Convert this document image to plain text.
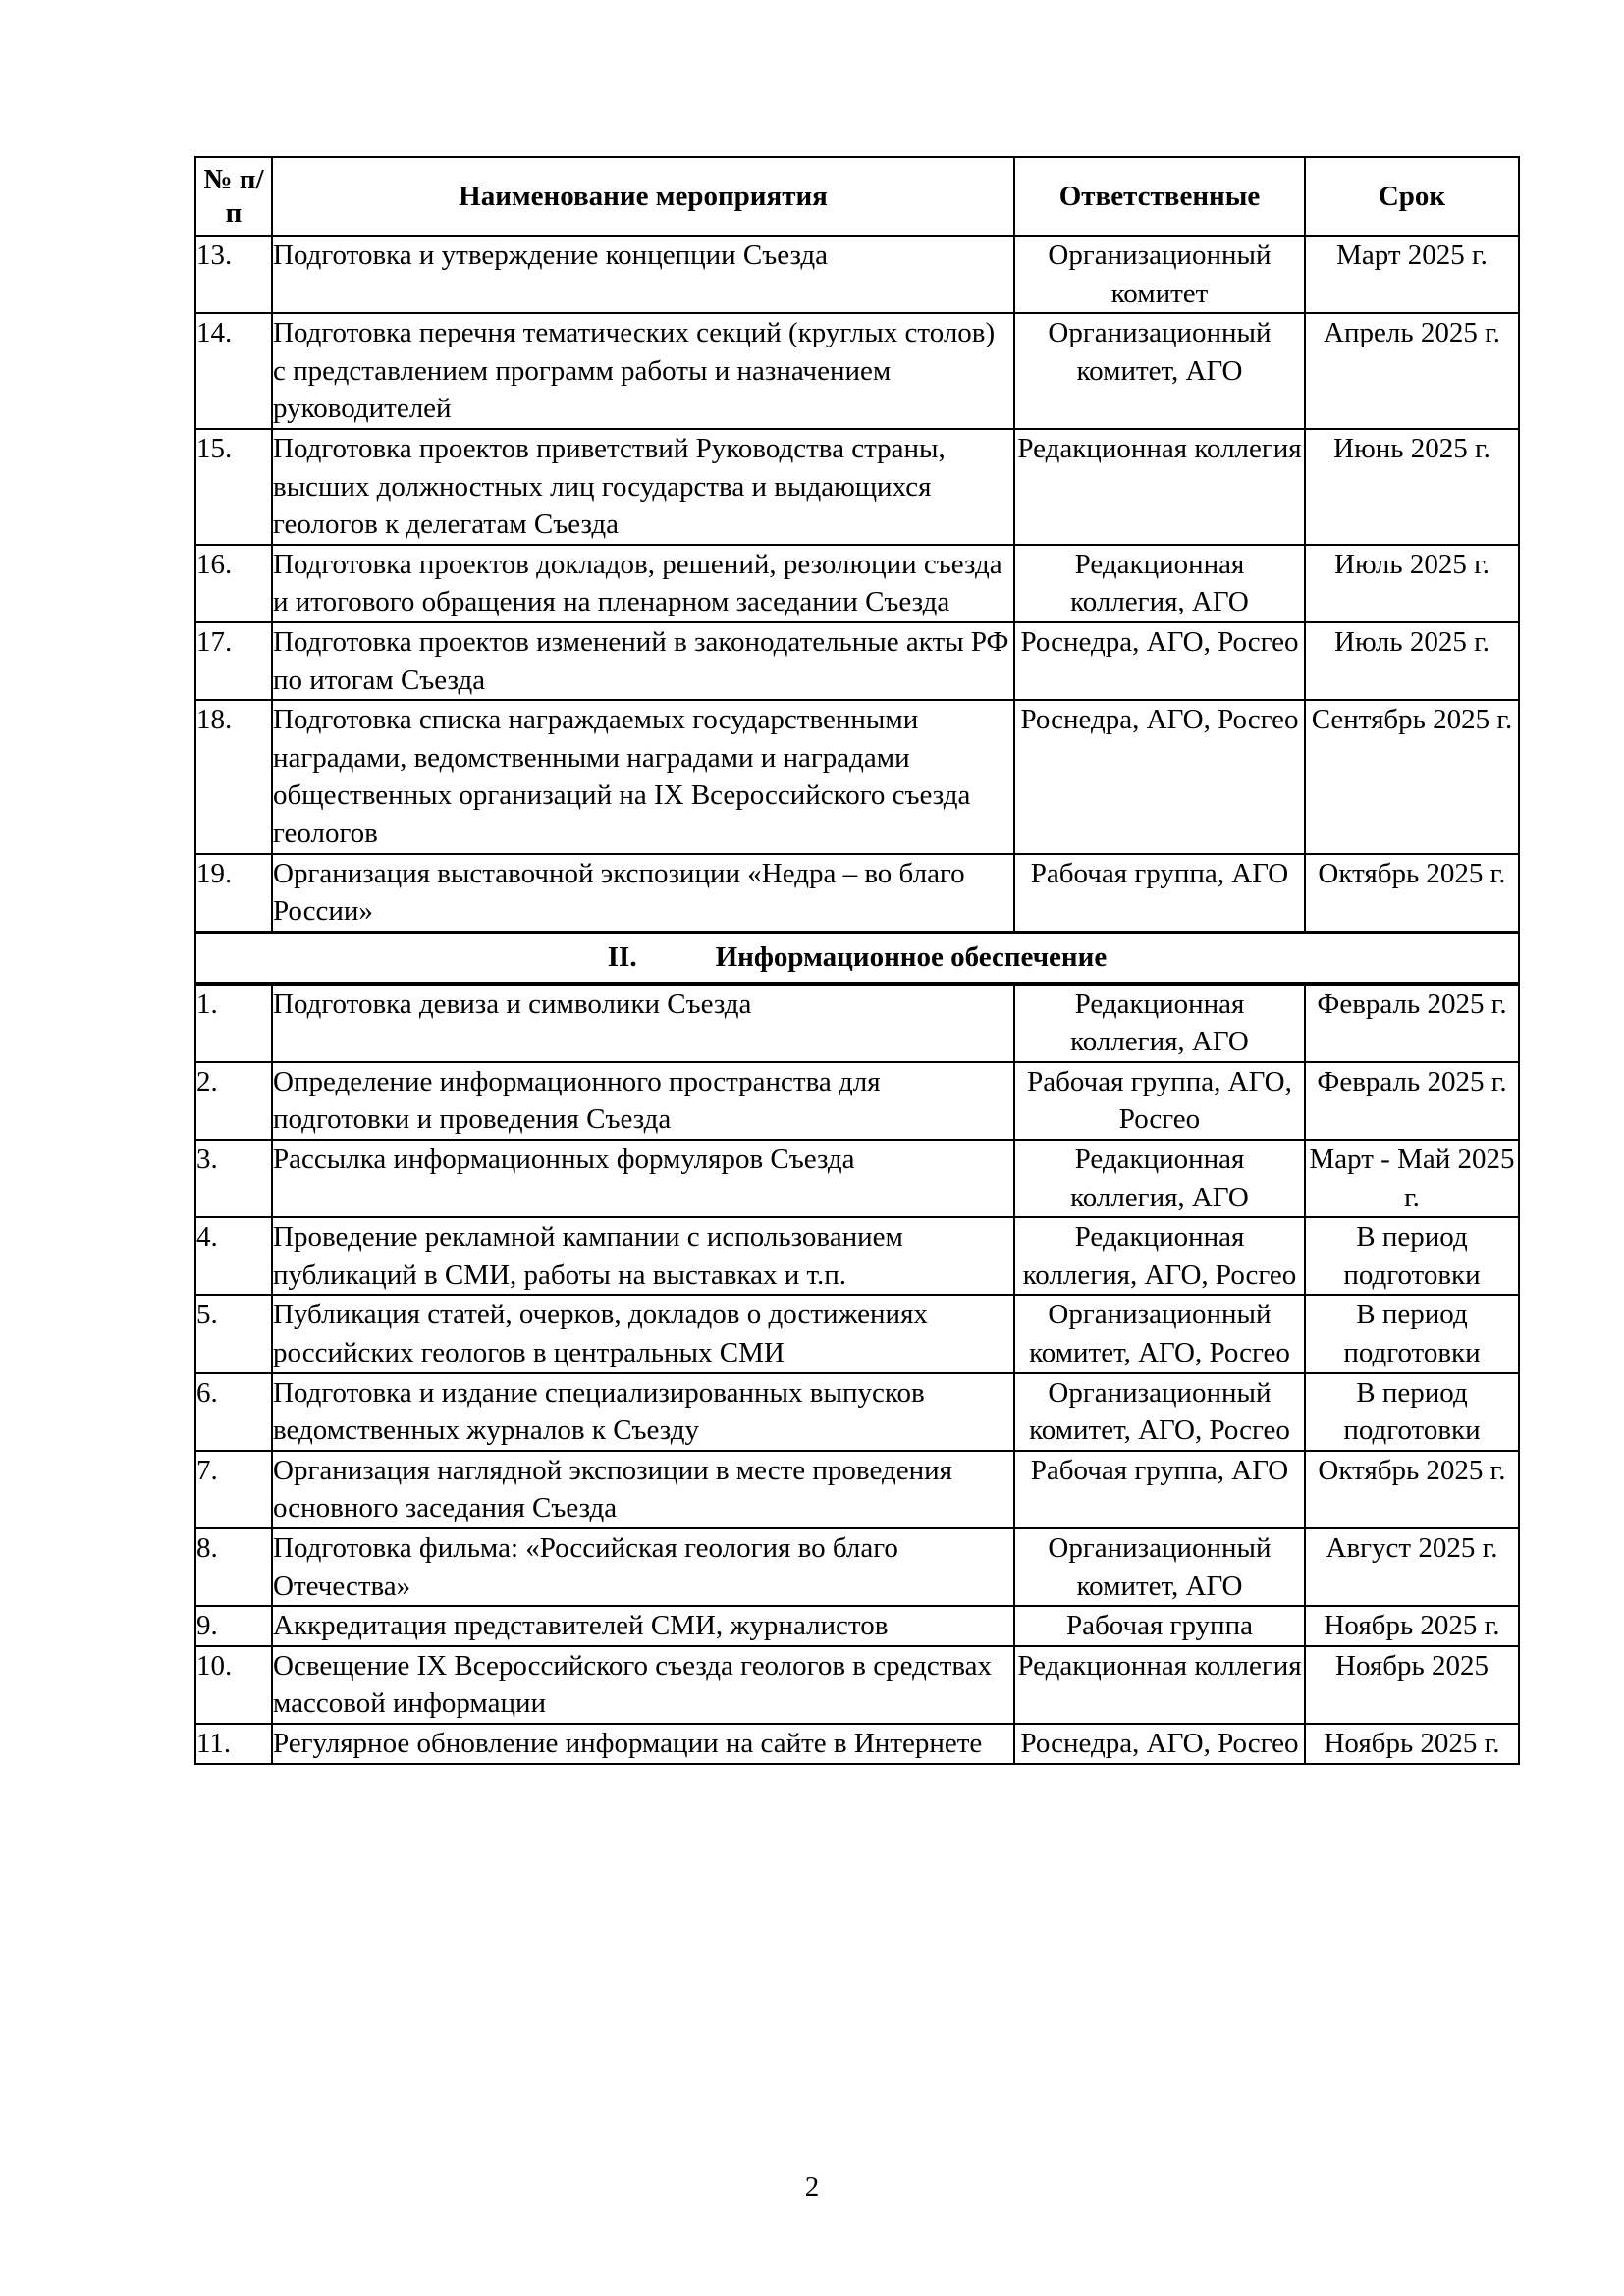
№ п/п	Наименование мероприятия	Ответственные	Срок
13.	Подготовка и утверждение концепции Съезда	Организационный комитет	Март 2025 г.
14.	Подготовка перечня тематических секций (круглых столов) с представлением программ работы и назначением руководителей	Организационный комитет, АГО	Апрель 2025 г.
15.	Подготовка проектов приветствий Руководства страны, высших должностных лиц государства и выдающихся геологов к делегатам Съезда	Редакционная коллегия	Июнь 2025 г.
16.	Подготовка проектов докладов, решений, резолюции съезда и итогового обращения на пленарном заседании Съезда	Редакционная коллегия, АГО	Июль 2025 г.
17.	Подготовка проектов изменений в законодательные акты РФ по итогам Съезда	Роснедра, АГО, Росгео	Июль 2025 г.
18.	Подготовка списка награждаемых государственными наградами, ведомственными наградами и наградами общественных организаций на IX Всероссийского съезда геологов	Роснедра, АГО, Росгео	Сентябрь 2025 г.
19.	Организация выставочной экспозиции «Недра – во благо России»	Рабочая группа, АГО	Октябрь 2025 г.
II. Информационное обеспечение			
1.	Подготовка девиза и символики Съезда	Редакционная коллегия, АГО	Февраль 2025 г.
2.	Определение информационного пространства для подготовки и проведения Съезда	Рабочая группа, АГО, Росгео	Февраль 2025 г.
3.	Рассылка информационных формуляров Съезда	Редакционная коллегия, АГО	Март - Май 2025 г.
4.	Проведение рекламной кампании с использованием публикаций в СМИ, работы на выставках и т.п.	Редакционная коллегия, АГО, Росгео	В период подготовки
5.	Публикация статей, очерков, докладов о достижениях российских геологов в центральных СМИ	Организационный комитет, АГО, Росгео	В период подготовки
6.	Подготовка и издание специализированных выпусков ведомственных журналов к Съезду	Организационный комитет, АГО, Росгео	В период подготовки
7.	Организация наглядной экспозиции в месте проведения основного заседания Съезда	Рабочая группа, АГО	Октябрь 2025 г.
8.	Подготовка фильма: «Российская геология во благо Отечества»	Организационный комитет, АГО	Август 2025 г.
9.	Аккредитация представителей СМИ, журналистов	Рабочая группа	Ноябрь 2025 г.
10.	Освещение IX Всероссийского съезда геологов в средствах массовой информации	Редакционная коллегия	Ноябрь 2025
11.	Регулярное обновление информации на сайте в Интернете	Роснедра, АГО, Росгео	Ноябрь 2025 г.
2
